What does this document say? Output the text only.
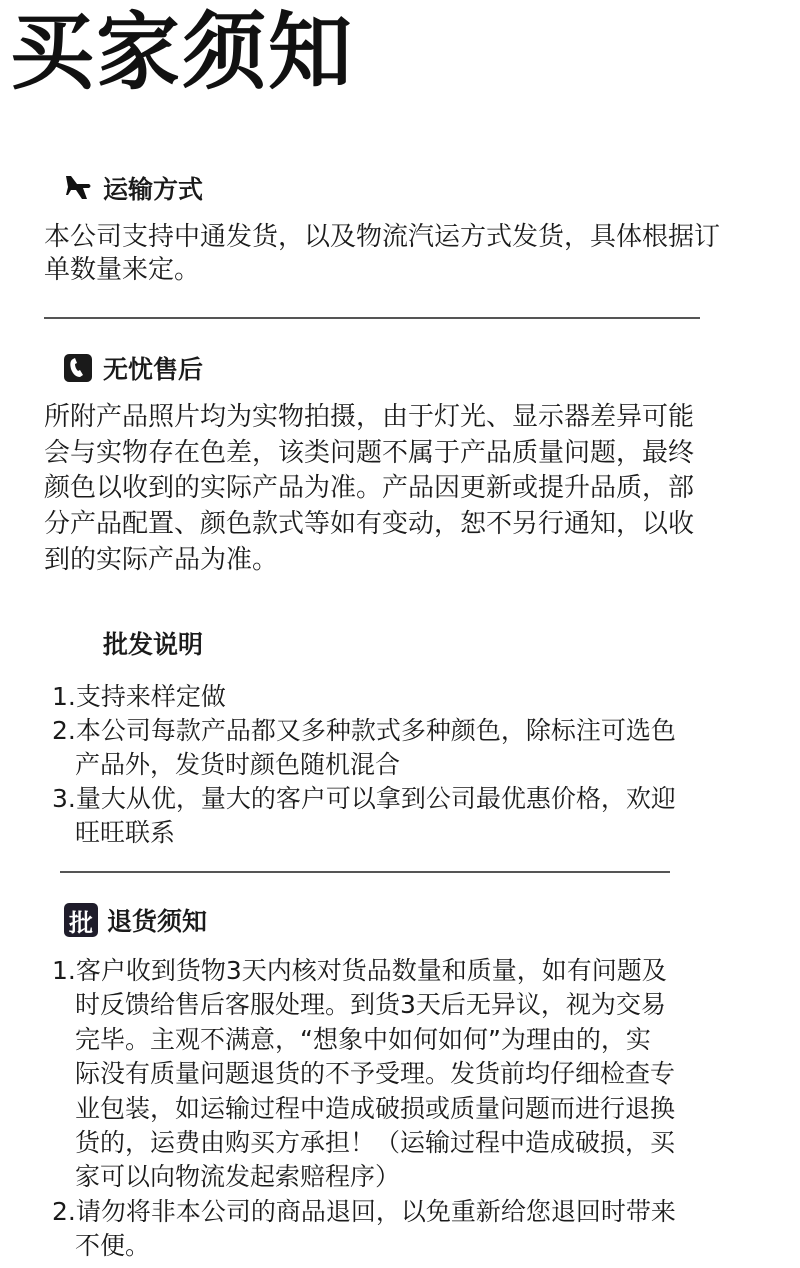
买家须知
运输方式
本公司支持中通发货，以及物流汽运方式发货，具体根据订
单数量来定。
无忧售后
所附产品照片均为实物拍摄，由于灯光、显示器差异可能
会与实物存在色差，该类问题不属于产品质量问题，最终
颜色以收到的实际产品为准。产品因更新或提升品质，部
分产品配置、颜色款式等如有变动，恕不另行通知，以收
到的实际产品为准。
批发说明
1.支持来样定做
2.本公司每款产品都又多种款式多种颜色，除标注可选色
产品外，发货时颜色随机混合
3.量大从优，量大的客户可以拿到公司最优惠价格，欢迎
旺旺联系
批 退货须知
1.客户收到货物3天内核对货品数量和质量，如有问题及
时反馈给售后客服处理。到货3天后无异议，视为交易
完毕。主观不满意，“想象中如何如何”为理由的，实
际没有质量问题退货的不予受理。发货前均仔细检查专
业包装，如运输过程中造成破损或质量问题而进行退换
货的，运费由购买方承担！（运输过程中造成破损，买
家可以向物流发起索赔程序）
2.请勿将非本公司的商品退回，以免重新给您退回时带来
不便。
